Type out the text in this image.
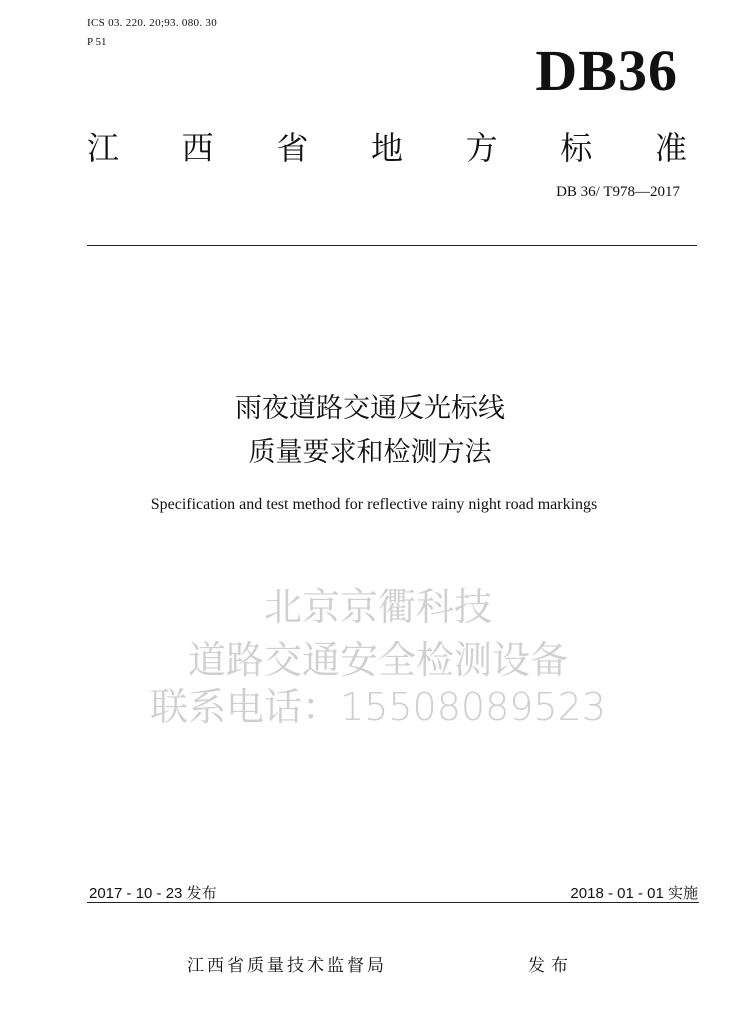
ICS 03. 220. 20;93. 080. 30
P 51	DB36
江 西 省 地 方 标 准
DB 36/ T978—2017
雨夜道路交通反光标线
质量要求和检测方法
Specification and test method for reflective rainy night road markings
北京京衢科技
道路交通安全检测设备
联系电话：15508089523
2017 - 10 - 23 发布	2018 - 01 - 01 实施
江西省质量技术监督局	发布
